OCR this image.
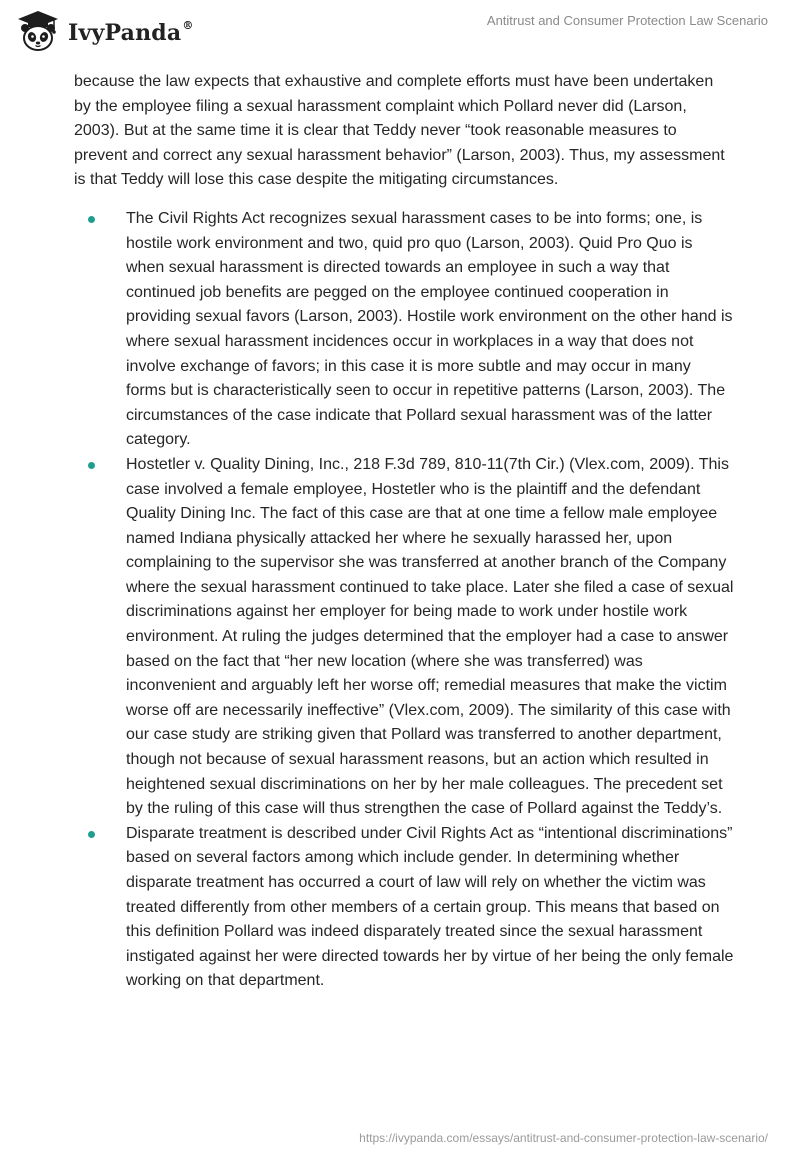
IvyPanda®	Antitrust and Consumer Protection Law Scenario

because the law expects that exhaustive and complete efforts must have been undertaken by the employee filing a sexual harassment complaint which Pollard never did (Larson, 2003). But at the same time it is clear that Teddy never “took reasonable measures to prevent and correct any sexual harassment behavior” (Larson, 2003). Thus, my assessment is that Teddy will lose this case despite the mitigating circumstances.

The Civil Rights Act recognizes sexual harassment cases to be into forms; one, is hostile work environment and two, quid pro quo (Larson, 2003). Quid Pro Quo is when sexual harassment is directed towards an employee in such a way that continued job benefits are pegged on the employee continued cooperation in providing sexual favors (Larson, 2003). Hostile work environment on the other hand is where sexual harassment incidences occur in workplaces in a way that does not involve exchange of favors; in this case it is more subtle and may occur in many forms but is characteristically seen to occur in repetitive patterns (Larson, 2003). The circumstances of the case indicate that Pollard sexual harassment was of the latter category.
Hostetler v. Quality Dining, Inc., 218 F.3d 789, 810-11(7th Cir.) (Vlex.com, 2009). This case involved a female employee, Hostetler who is the plaintiff and the defendant Quality Dining Inc. The fact of this case are that at one time a fellow male employee named Indiana physically attacked her where he sexually harassed her, upon complaining to the supervisor she was transferred at another branch of the Company where the sexual harassment continued to take place. Later she filed a case of sexual discriminations against her employer for being made to work under hostile work environment. At ruling the judges determined that the employer had a case to answer based on the fact that “her new location (where she was transferred) was inconvenient and arguably left her worse off; remedial measures that make the victim worse off are necessarily ineffective” (Vlex.com, 2009). The similarity of this case with our case study are striking given that Pollard was transferred to another department, though not because of sexual harassment reasons, but an action which resulted in heightened sexual discriminations on her by her male colleagues. The precedent set by the ruling of this case will thus strengthen the case of Pollard against the Teddy’s.
Disparate treatment is described under Civil Rights Act as “intentional discriminations” based on several factors among which include gender. In determining whether disparate treatment has occurred a court of law will rely on whether the victim was treated differently from other members of a certain group. This means that based on this definition Pollard was indeed disparately treated since the sexual harassment instigated against her were directed towards her by virtue of her being the only female working on that department.
https://ivypanda.com/essays/antitrust-and-consumer-protection-law-scenario/
